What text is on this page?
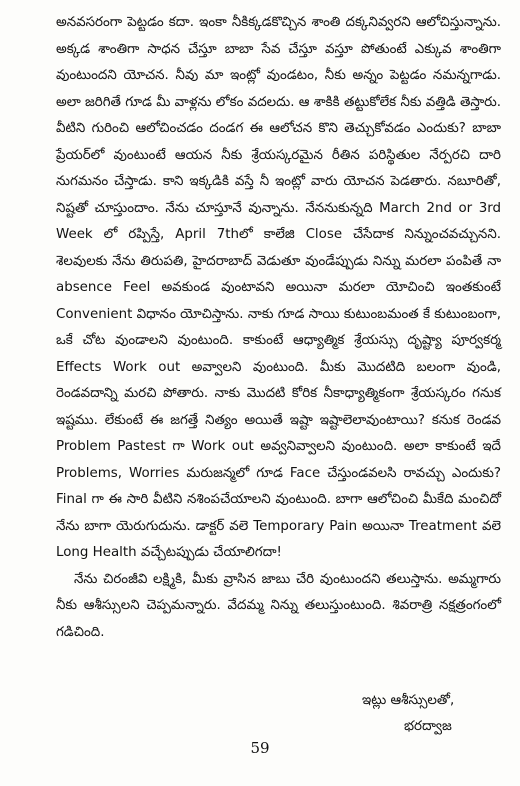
అనవసరంగా పెట్టడం కదా. ఇంకా నీకిక్కడకొచ్చిన శాంతి దక్కనివ్వరని ఆలోచిస్తున్నాను. అక్కడ శాంతిగా సాధన చేస్తూ బాబా సేవ చేస్తూ వస్తూ పోతుంటే ఎక్కువ శాంతిగా వుంటుందని యోచన. నీవు మా ఇంట్లో వుండటం, నీకు అన్నం పెట్టడం నమన్నగాడు. అలా జరిగితే గూడ మీ వాళ్లను లోకం వదలదు. ఆ శాకికి తట్టుకోలేక నీకు వత్తిడి తెస్తారు. వీటిని గురించి ఆలోచించడం దండగ ఈ ఆలోచన కొని తెచ్చుకోవడం ఎందుకు? బాబా ప్రేయర్‌లో వుంటుంటే ఆయన నీకు శ్రేయస్కరమైన రీతిన పరిస్థితుల నేర్పరచి దారి నుగమనం చేస్తాడు. కాని ఇక్కడికి వస్తే నీ ఇంట్లో వారు యోచన పెడతారు. నబూరితో, నిష్టతో చూస్తుందాం. నేను చూస్తూనే వున్నాను. నేననుకున్నది March 2nd or 3rd Week లో రప్పిస్తే, April 7thలో కాలేజి Close చేసేదాక నిన్నుంచవచ్చునని. శెలవులకు నేను తిరుపతి, హైదరాబాద్ వెడుతూ వుండేప్పుడు నిన్ను మరలా పంపితే నా absence Feel అవకుండ వుంటావని అయినా మరలా యోచించి ఇంతకుంటే Convenient విధానం యోచిస్తాను. నాకు గూడ సాయి కుటుంబమంత కే కుటుంబంగా, ఒకే చోట వుండాలని వుంటుంది. కాకుంటే ఆధ్యాత్మిక శ్రేయస్సు దృష్ట్యా పూర్వకర్మ Effects Work out అవ్వాలని వుంటుంది. మీకు మొదటిది బలంగా వుండి, రెండవదాన్ని మరచి పోతారు. నాకు మొదటి కోరిక నీకాధ్యాత్మికంగా శ్రేయస్కరం గనుక ఇష్టము. లేకుంటే ఈ జగత్తే నిత్యం అయితే ఇష్టా ఇష్టాలెలావుంటాయి? కనుక రెండవ Problem Pastest గా Work out అవ్వనివ్వాలని వుంటుంది. అలా కాకుంటే ఇదే Problems, Worries మరుజన్మలో గూడ Face చేస్తుండవలసి రావచ్చు ఎందుకు? Final గా ఈ సారి వీటిని నశింపచేయాలని వుంటుంది. బాగా ఆలోచించి మీకేది మంచిదో నేను బాగా యెరుగుదును. డాక్టర్ వలె Temporary Pain అయినా Treatment వలె Long Health వచ్చేటప్పుడు చేయాలిగదా!

నేను చిరంజీవి లక్ష్మికి, మీకు వ్రాసిన జాబు చేరి వుంటుందని తలుస్తాను. అమ్మగారు నీకు ఆశీస్సులని చెప్పమన్నారు. వేదమ్మ నిన్ను తలుస్తుంటుంది. శివరాత్రి నక్షత్రంగంలో గడిచింది.

ఇట్లు ఆశీస్సులతో,
భరద్వాజ
59
